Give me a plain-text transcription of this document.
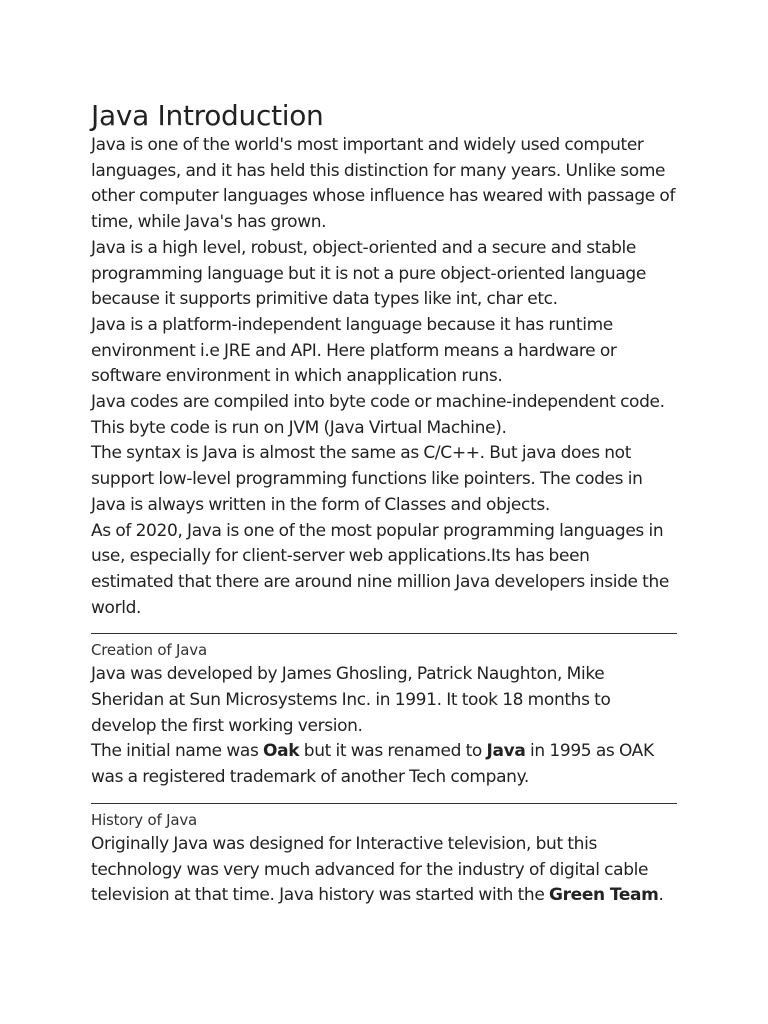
Java Introduction

Java is one of the world's most important and widely used computer languages, and it has held this distinction for many years. Unlike some other computer languages whose influence has weared with passage of time, while Java's has grown.

Java is a high level, robust, object-oriented and a secure and stable programming language but it is not a pure object-oriented language because it supports primitive data types like int, char etc.

Java is a platform-independent language because it has runtime environment i.e JRE and API. Here platform means a hardware or software environment in which anapplication runs.

Java codes are compiled into byte code or machine-independent code. This byte code is run on JVM (Java Virtual Machine).

The syntax is Java is almost the same as C/C++. But java does not support low-level programming functions like pointers. The codes in Java is always written in the form of Classes and objects.

As of 2020, Java is one of the most popular programming languages in use, especially for client-server web applications.Its has been estimated that there are around nine million Java developers inside the world.

Creation of Java

Java was developed by James Ghosling, Patrick Naughton, Mike Sheridan at Sun Microsystems Inc. in 1991. It took 18 months to develop the first working version.

The initial name was Oak but it was renamed to Java in 1995 as OAK was a registered trademark of another Tech company.

History of Java

Originally Java was designed for Interactive television, but this technology was very much advanced for the industry of digital cable television at that time. Java history was started with the Green Team.
